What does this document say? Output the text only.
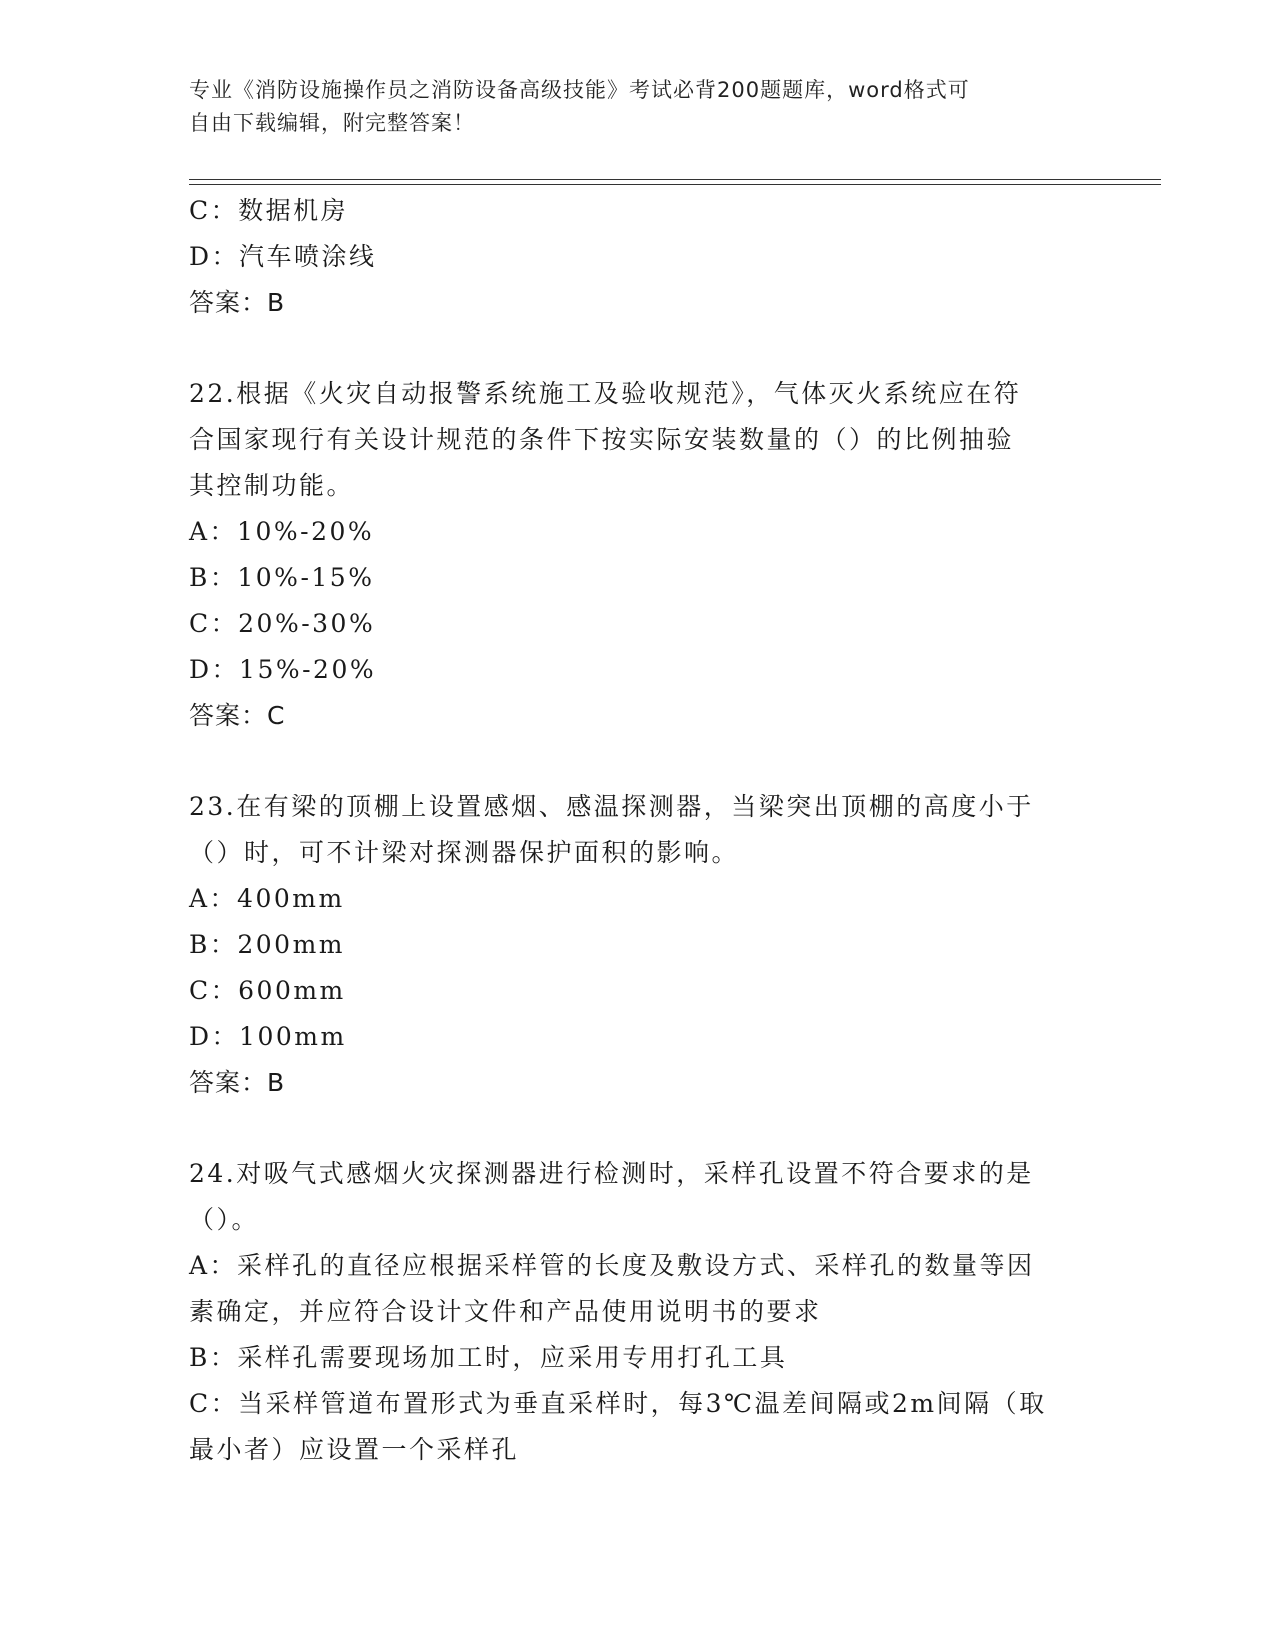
专业《消防设施操作员之消防设备高级技能》考试必背200题题库，word格式可
自由下载编辑，附完整答案！
C：数据机房
D：汽车喷涂线
答案：B
22.根据《火灾自动报警系统施工及验收规范》，气体灭火系统应在符
合国家现行有关设计规范的条件下按实际安装数量的（）的比例抽验
其控制功能。
A：10%-20%
B：10%-15%
C：20%-30%
D：15%-20%
答案：C
23.在有梁的顶棚上设置感烟、感温探测器，当梁突出顶棚的高度小于
（）时，可不计梁对探测器保护面积的影响。
A：400mm
B：200mm
C：600mm
D：100mm
答案：B
24.对吸气式感烟火灾探测器进行检测时，采样孔设置不符合要求的是
（）。
A：采样孔的直径应根据采样管的长度及敷设方式、采样孔的数量等因
素确定，并应符合设计文件和产品使用说明书的要求
B：采样孔需要现场加工时，应采用专用打孔工具
C：当采样管道布置形式为垂直采样时，每3℃温差间隔或2m间隔（取
最小者）应设置一个采样孔
